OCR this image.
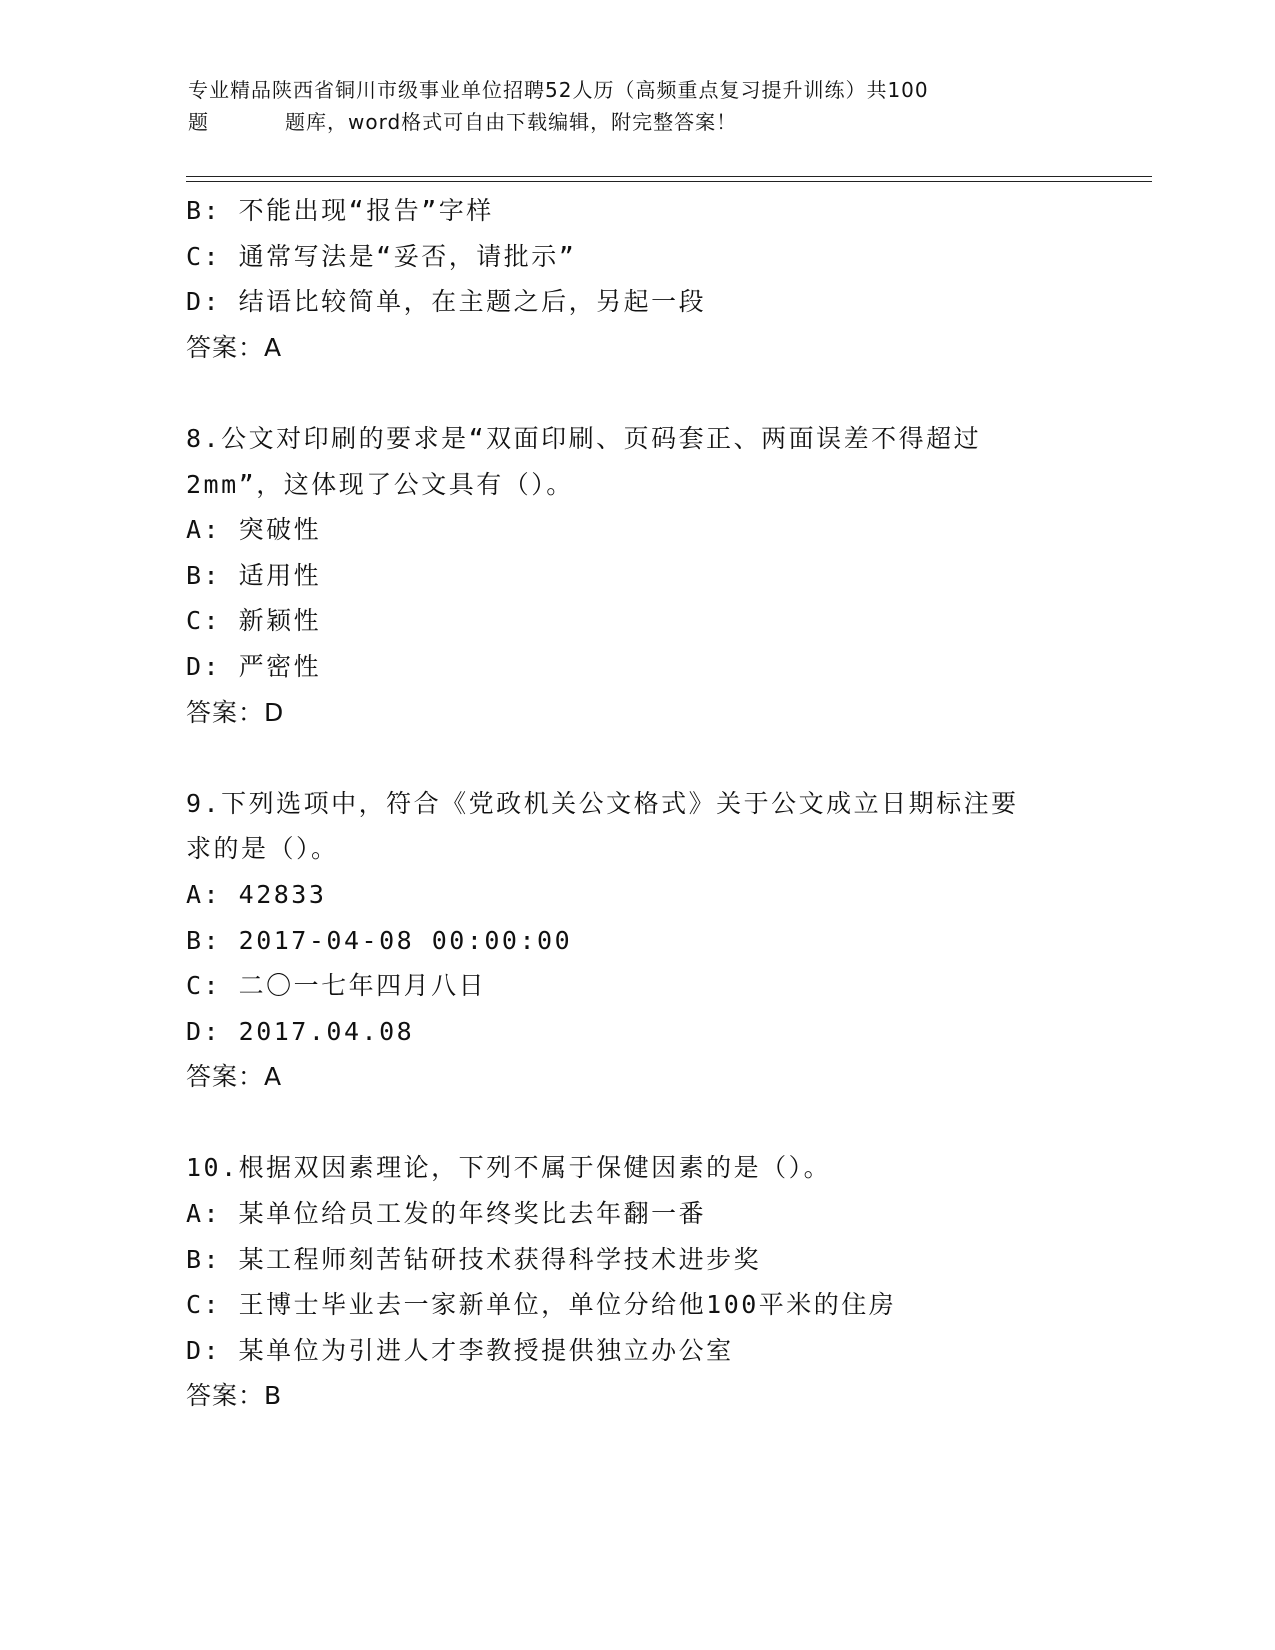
专业精品陕西省铜川市级事业单位招聘52人历（高频重点复习提升训练）共100
题	题库，word格式可自由下载编辑，附完整答案！
B: 不能出现“报告”字样
C: 通常写法是“妥否，请批示”
D: 结语比较简单，在主题之后，另起一段
答案：A
8.公文对印刷的要求是“双面印刷、页码套正、两面误差不得超过
2mm”，这体现了公文具有（）。
A: 突破性
B: 适用性
C: 新颖性
D: 严密性
答案：D
9.下列选项中，符合《党政机关公文格式》关于公文成立日期标注要
求的是（）。
A: 42833
B: 2017-04-08 00:00:00
C: 二〇一七年四月八日
D: 2017.04.08
答案：A
10.根据双因素理论，下列不属于保健因素的是（）。
A: 某单位给员工发的年终奖比去年翻一番
B: 某工程师刻苦钻研技术获得科学技术进步奖
C: 王博士毕业去一家新单位，单位分给他100平米的住房
D: 某单位为引进人才李教授提供独立办公室
答案：B
